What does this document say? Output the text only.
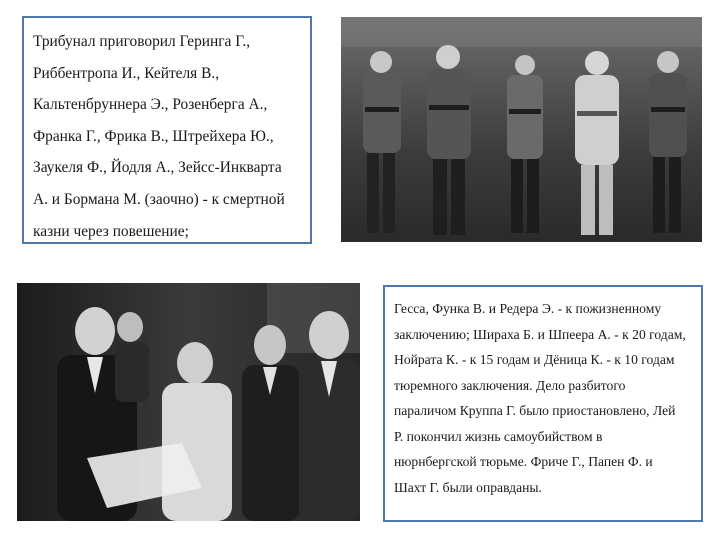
Трибунал приговорил Геринга Г.,

Риббентропа И., Кейтеля В.,

Кальтенбруннера Э., Розенберга А.,

Франка Г., Фрика В., Штрейхера Ю.,

Заукеля Ф., Йодля А., Зейсс-Инкварта

А. и Бормана М. (заочно) - к смертной

казни через повешение;

Гесса, Функа В. и Редера Э. - к пожизненному

заключению; Шираха Б. и Шпеера А. - к 20 годам,

Нойрата К. - к 15 годам и Дёница К. - к 10 годам

тюремного заключения. Дело разбитого

параличом Круппа Г. было приостановлено, Лей

Р. покончил жизнь самоубийством в

нюрнбергской тюрьме. Фриче Г., Папен Ф. и

Шахт Г. были оправданы.
